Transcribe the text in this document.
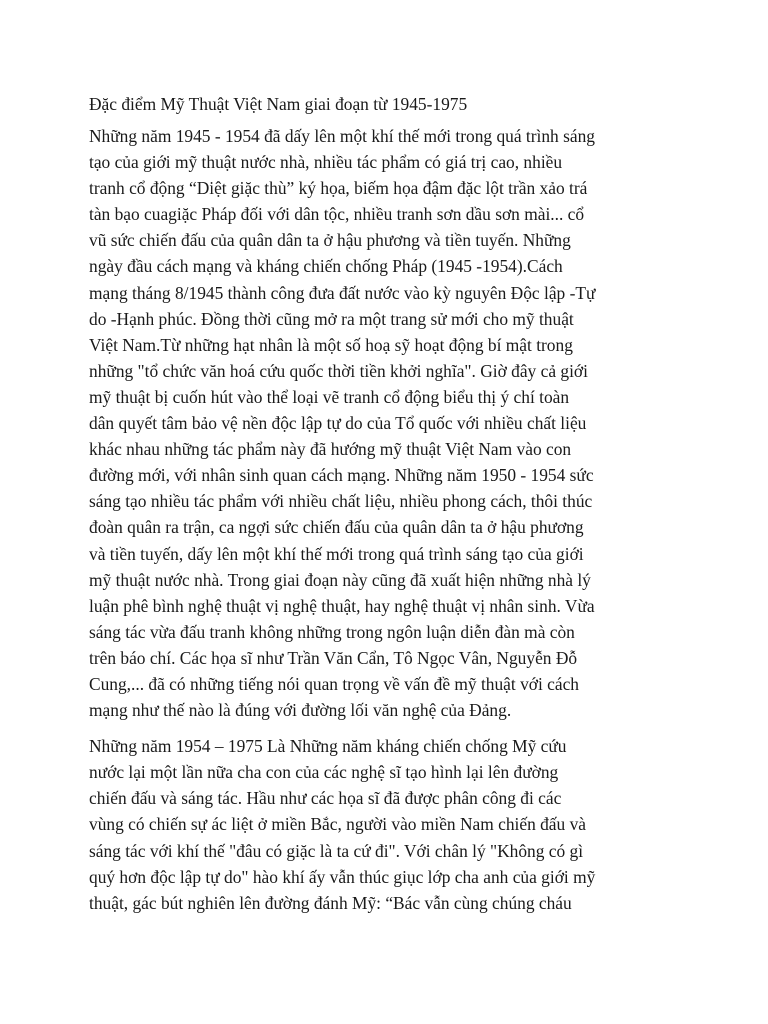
Đặc điểm Mỹ Thuật Việt Nam giai đoạn từ 1945-1975

Những năm 1945 - 1954 đã dấy lên một khí thế mới trong quá trình sáng
tạo của giới mỹ thuật nước nhà, nhiều tác phẩm có giá trị cao, nhiều
tranh cổ động “Diệt giặc thù” ký họa, biếm họa đậm đặc lột trần xảo trá
tàn bạo cuagiặc Pháp đối với dân tộc, nhiều tranh sơn dầu sơn mài... cổ
vũ sức chiến đấu của quân dân ta ở hậu phương và tiền tuyến. Những
ngày đầu cách mạng và kháng chiến chống Pháp (1945 -1954).Cách
mạng tháng 8/1945 thành công đưa đất nước vào kỳ nguyên Độc lập -Tự
do -Hạnh phúc. Đồng thời cũng mở ra một trang sử mới cho mỹ thuật
Việt Nam.Từ những hạt nhân là một số hoạ sỹ hoạt động bí mật trong
những "tổ chức văn hoá cứu quốc thời tiền khởi nghĩa". Giờ đây cả giới
mỹ thuật bị cuốn hút vào thể loại vẽ tranh cổ động biểu thị ý chí toàn
dân quyết tâm bảo vệ nền độc lập tự do của Tổ quốc với nhiều chất liệu
khác nhau những tác phẩm này đã hướng mỹ thuật Việt Nam vào con
đường mới, với nhân sinh quan cách mạng. Những năm 1950 - 1954 sức
sáng tạo nhiều tác phẩm với nhiều chất liệu, nhiều phong cách, thôi thúc
đoàn quân ra trận, ca ngợi sức chiến đấu của quân dân ta ở hậu phương
và tiền tuyến, dấy lên một khí thế mới trong quá trình sáng tạo của giới
mỹ thuật nước nhà. Trong giai đoạn này cũng đã xuất hiện những nhà lý
luận phê bình nghệ thuật vị nghệ thuật, hay nghệ thuật vị nhân sinh. Vừa
sáng tác vừa đấu tranh không những trong ngôn luận diễn đàn mà còn
trên báo chí. Các họa sĩ như Trần Văn Cẩn, Tô Ngọc Vân, Nguyễn Đỗ
Cung,... đã có những tiếng nói quan trọng về vấn đề mỹ thuật với cách
mạng như thế nào là đúng với đường lối văn nghệ của Đảng.

Những năm 1954 – 1975 Là Những năm kháng chiến chống Mỹ cứu
nước lại một lần nữa cha con của các nghệ sĩ tạo hình lại lên đường
chiến đấu và sáng tác. Hầu như các họa sĩ đã được phân công đi các
vùng có chiến sự ác liệt ở miền Bắc, người vào miền Nam chiến đấu và
sáng tác với khí thế "đâu có giặc là ta cứ đi". Với chân lý "Không có gì
quý hơn độc lập tự do" hào khí ấy vẫn thúc giục lớp cha anh của giới mỹ
thuật, gác bút nghiên lên đường đánh Mỹ: “Bác vẫn cùng chúng cháu
